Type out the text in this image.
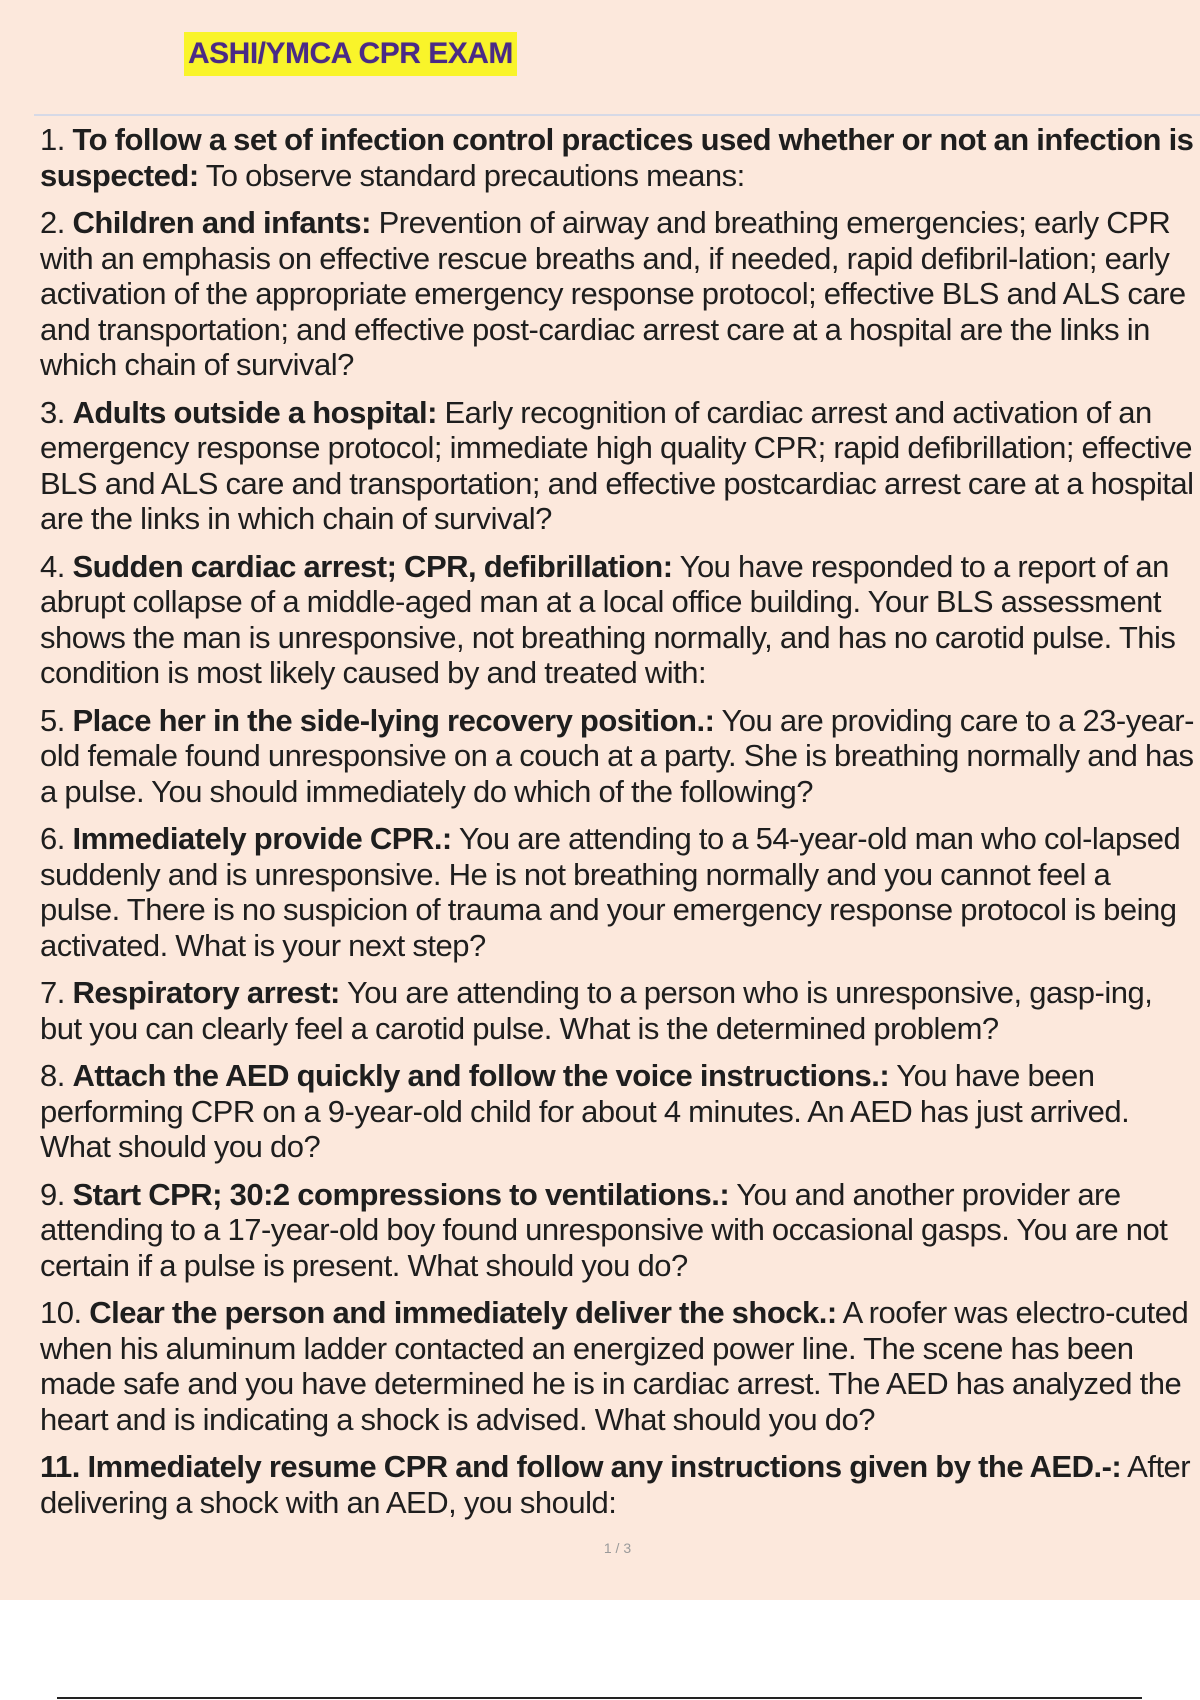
ASHI/YMCA CPR EXAM

1. To follow a set of infection control practices used whether or not an infection is suspected: To observe standard precautions means:

2. Children and infants: Prevention of airway and breathing emergencies; early CPR with an emphasis on effective rescue breaths and, if needed, rapid defibril-lation; early activation of the appropriate emergency response protocol; effective BLS and ALS care and transportation; and effective post-cardiac arrest care at a hospital are the links in which chain of survival?

3. Adults outside a hospital: Early recognition of cardiac arrest and activation of an emergency response protocol; immediate high quality CPR; rapid defibrillation; effective BLS and ALS care and transportation; and effective postcardiac arrest care at a hospital are the links in which chain of survival?

4. Sudden cardiac arrest; CPR, defibrillation: You have responded to a report of an abrupt collapse of a middle-aged man at a local office building. Your BLS assessment shows the man is unresponsive, not breathing normally, and has no carotid pulse. This condition is most likely caused by and treated with:

5. Place her in the side-lying recovery position.: You are providing care to a 23-year-old female found unresponsive on a couch at a party. She is breathing normally and has a pulse. You should immediately do which of the following?

6. Immediately provide CPR.: You are attending to a 54-year-old man who col-lapsed suddenly and is unresponsive. He is not breathing normally and you cannot feel a pulse. There is no suspicion of trauma and your emergency response protocol is being activated. What is your next step?

7. Respiratory arrest: You are attending to a person who is unresponsive, gasp-ing, but you can clearly feel a carotid pulse. What is the determined problem?

8. Attach the AED quickly and follow the voice instructions.: You have been performing CPR on a 9-year-old child for about 4 minutes. An AED has just arrived. What should you do?

9. Start CPR; 30:2 compressions to ventilations.: You and another provider are attending to a 17-year-old boy found unresponsive with occasional gasps. You are not certain if a pulse is present. What should you do?

10. Clear the person and immediately deliver the shock.: A roofer was electro-cuted when his aluminum ladder contacted an energized power line. The scene has been made safe and you have determined he is in cardiac arrest. The AED has analyzed the heart and is indicating a shock is advised. What should you do?

11. Immediately resume CPR and follow any instructions given by the AED.-: After delivering a shock with an AED, you should:

1 / 3
